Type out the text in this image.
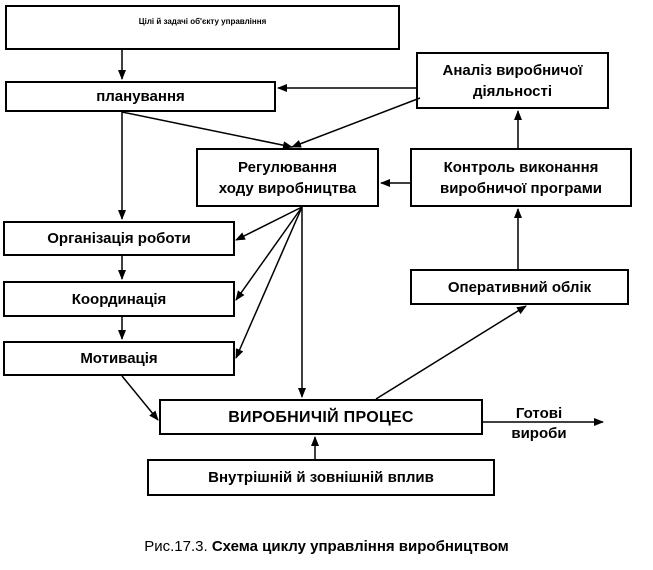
Цілі й задачі об'єкту управління
планування
Аналіз виробничої
діяльності
Регулювання
ходу виробництва
Контроль виконання
виробничої програми
Організація роботи
Координація
Оперативний облік
Мотивація
ВИРОБНИЧІЙ ПРОЦЕС
Внутрішній й зовнішній вплив
Готові
вироби

Рис.17.3. Схема циклу управління виробництвом
